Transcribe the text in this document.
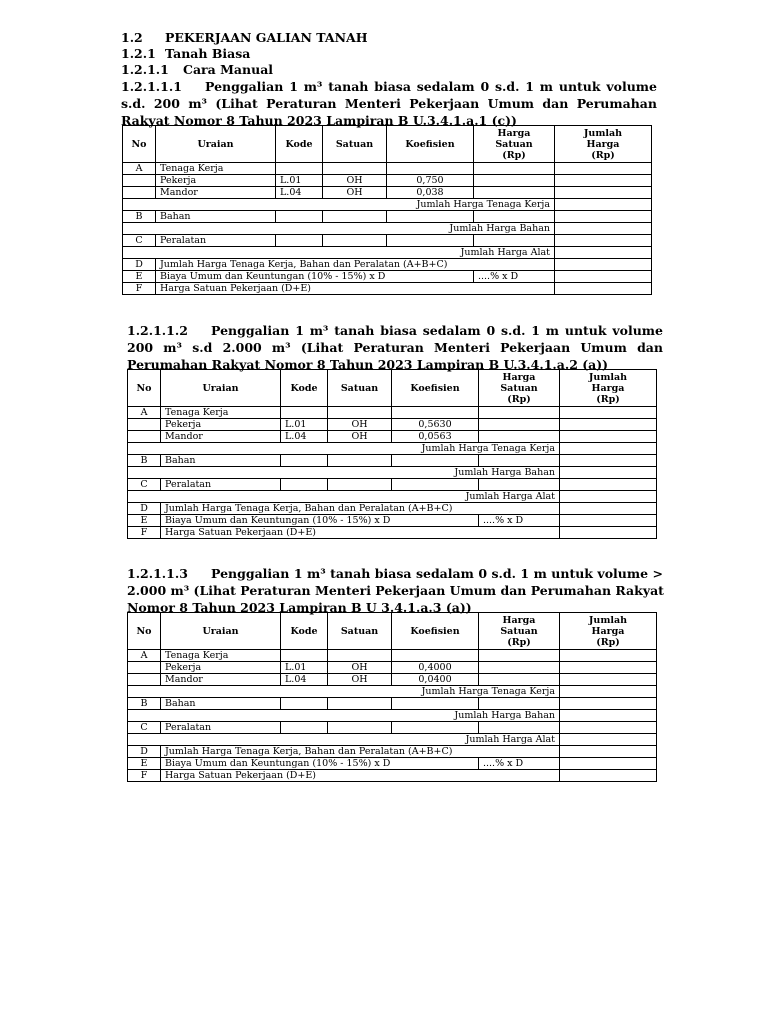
1.2 PEKERJAAN GALIAN TANAH
1.2.1 Tanah Biasa
1.2.1.1 Cara Manual
1.2.1.1.1 Penggalian 1 m³ tanah biasa sedalam 0 s.d. 1 m untuk volume
s.d. 200 m³ (Lihat Peraturan Menteri Pekerjaan Umum dan Perumahan
Rakyat Nomor 8 Tahun 2023 Lampiran B U.3.4.1.a.1 (c))
No	Uraian	Kode	Satuan	Koefisien	Harga
Satuan
(Rp)	Jumlah
Harga
(Rp)
A	Tenaga Kerja					
	Pekerja	L.01	OH	0,750		
	Mandor	L.04	OH	0,038		
Jumlah Harga Tenaga Kerja						
B	Bahan					
Jumlah Harga Bahan						
C	Peralatan					
Jumlah Harga Alat						
D	Jumlah Harga Tenaga Kerja, Bahan dan Peralatan (A+B+C)					
E	Biaya Umum dan Keuntungan (10% - 15%) x D				....% x D	
F	Harga Satuan Pekerjaan (D+E)					
1.2.1.1.2 Penggalian 1 m³ tanah biasa sedalam 0 s.d. 1 m untuk volume
200 m³ s.d 2.000 m³ (Lihat Peraturan Menteri Pekerjaan Umum dan
Perumahan Rakyat Nomor 8 Tahun 2023 Lampiran B U.3.4.1.a.2 (a))
No	Uraian	Kode	Satuan	Koefisien	Harga
Satuan
(Rp)	Jumlah
Harga
(Rp)
A	Tenaga Kerja					
	Pekerja	L.01	OH	0,5630		
	Mandor	L.04	OH	0,0563		
Jumlah Harga Tenaga Kerja						
B	Bahan					
Jumlah Harga Bahan						
C	Peralatan					
Jumlah Harga Alat						
D	Jumlah Harga Tenaga Kerja, Bahan dan Peralatan (A+B+C)					
E	Biaya Umum dan Keuntungan (10% - 15%) x D				....% x D	
F	Harga Satuan Pekerjaan (D+E)					
1.2.1.1.3 Penggalian 1 m³ tanah biasa sedalam 0 s.d. 1 m untuk volume >
2.000 m³ (Lihat Peraturan Menteri Pekerjaan Umum dan Perumahan Rakyat
Nomor 8 Tahun 2023 Lampiran B U 3.4.1.a.3 (a))
No	Uraian	Kode	Satuan	Koefisien	Harga
Satuan
(Rp)	Jumlah
Harga
(Rp)
A	Tenaga Kerja					
	Pekerja	L.01	OH	0,4000		
	Mandor	L.04	OH	0,0400		
Jumlah Harga Tenaga Kerja						
B	Bahan					
Jumlah Harga Bahan						
C	Peralatan					
Jumlah Harga Alat						
D	Jumlah Harga Tenaga Kerja, Bahan dan Peralatan (A+B+C)					
E	Biaya Umum dan Keuntungan (10% - 15%) x D				....% x D	
F	Harga Satuan Pekerjaan (D+E)					
